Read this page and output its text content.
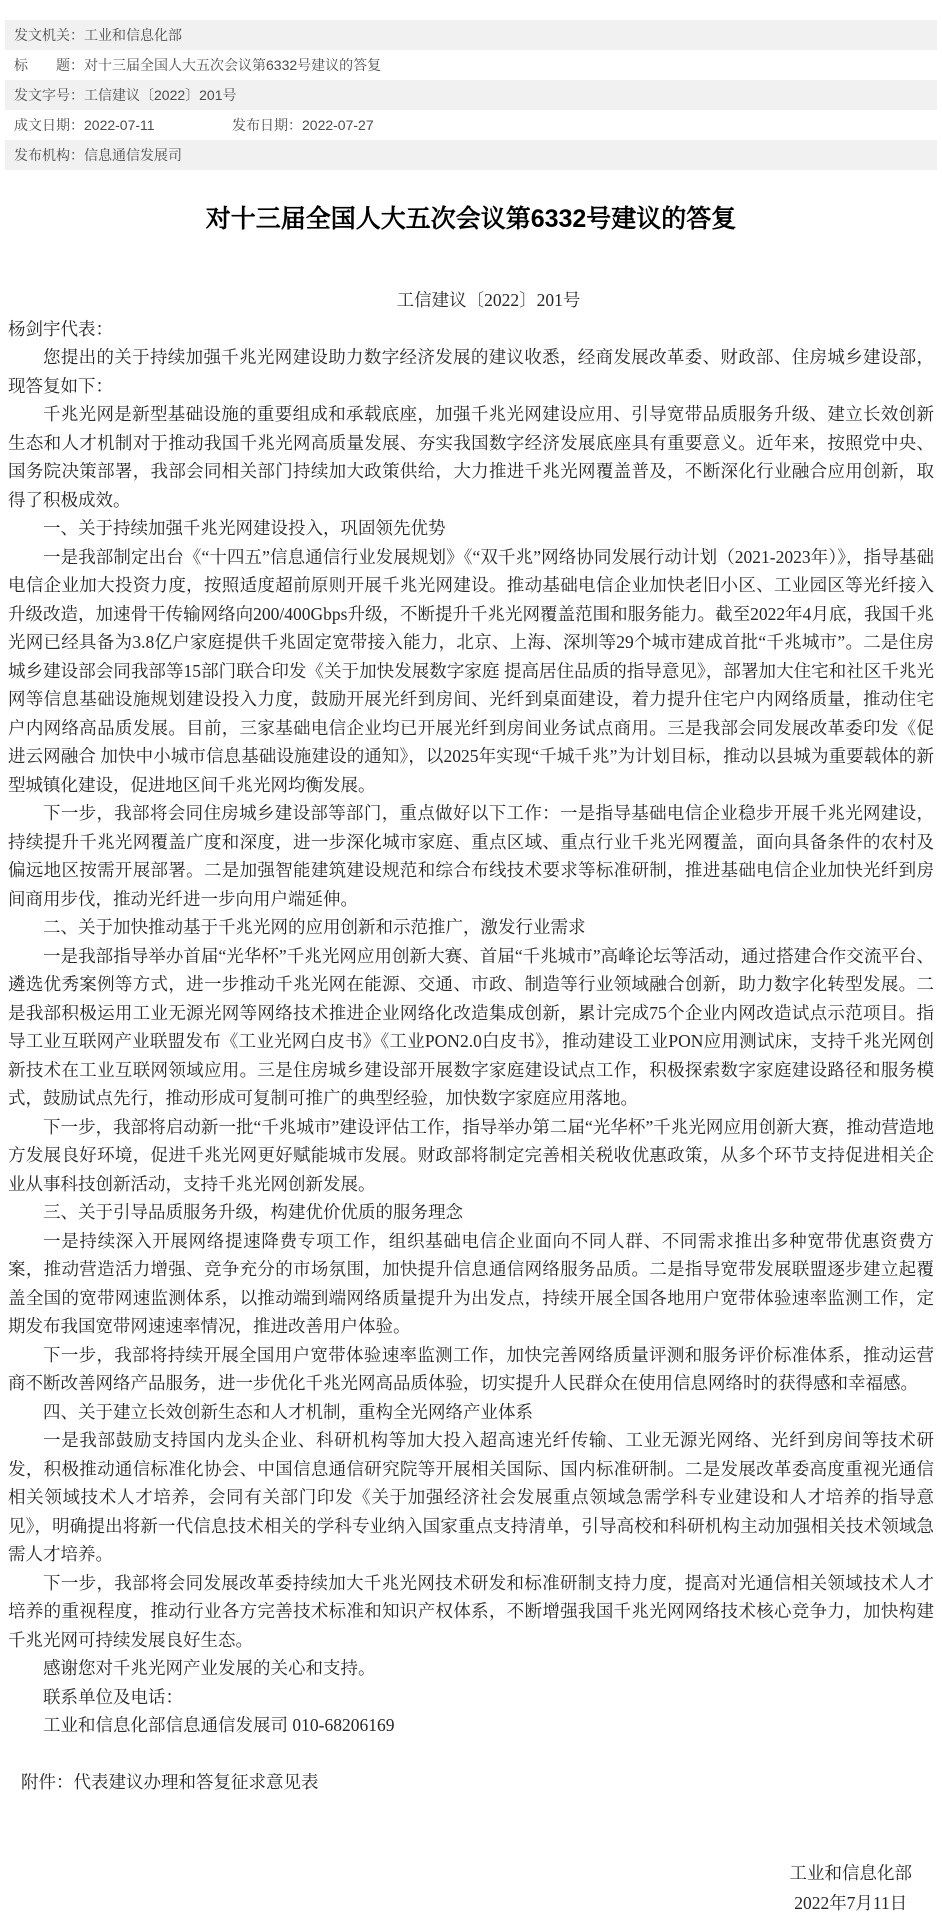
发文机关：工业和信息化部
标　　题：对十三届全国人大五次会议第6332号建议的答复
发文字号：工信建议〔2022〕201号
成文日期：2022-07-11	发布日期：2022-07-27
发布机构：信息通信发展司
对十三届全国人大五次会议第6332号建议的答复

工信建议〔2022〕201号

杨剑宇代表：

您提出的关于持续加强千兆光网建设助力数字经济发展的建议收悉，经商发展改革委、财政部、住房城乡建设部，现答复如下：

千兆光网是新型基础设施的重要组成和承载底座，加强千兆光网建设应用、引导宽带品质服务升级、建立长效创新生态和人才机制对于推动我国千兆光网高质量发展、夯实我国数字经济发展底座具有重要意义。近年来，按照党中央、国务院决策部署，我部会同相关部门持续加大政策供给，大力推进千兆光网覆盖普及，不断深化行业融合应用创新，取得了积极成效。

一、关于持续加强千兆光网建设投入，巩固领先优势

一是我部制定出台《“十四五”信息通信行业发展规划》《“双千兆”网络协同发展行动计划（2021-2023年）》，指导基础电信企业加大投资力度，按照适度超前原则开展千兆光网建设。推动基础电信企业加快老旧小区、工业园区等光纤接入升级改造，加速骨干传输网络向200/400Gbps升级，不断提升千兆光网覆盖范围和服务能力。截至2022年4月底，我国千兆光网已经具备为3.8亿户家庭提供千兆固定宽带接入能力，北京、上海、深圳等29个城市建成首批“千兆城市”。二是住房城乡建设部会同我部等15部门联合印发《关于加快发展数字家庭 提高居住品质的指导意见》，部署加大住宅和社区千兆光网等信息基础设施规划建设投入力度，鼓励开展光纤到房间、光纤到桌面建设，着力提升住宅户内网络质量，推动住宅户内网络高品质发展。目前，三家基础电信企业均已开展光纤到房间业务试点商用。三是我部会同发展改革委印发《促进云网融合 加快中小城市信息基础设施建设的通知》，以2025年实现“千城千兆”为计划目标，推动以县城为重要载体的新型城镇化建设，促进地区间千兆光网均衡发展。

下一步，我部将会同住房城乡建设部等部门，重点做好以下工作：一是指导基础电信企业稳步开展千兆光网建设，持续提升千兆光网覆盖广度和深度，进一步深化城市家庭、重点区域、重点行业千兆光网覆盖，面向具备条件的农村及偏远地区按需开展部署。二是加强智能建筑建设规范和综合布线技术要求等标准研制，推进基础电信企业加快光纤到房间商用步伐，推动光纤进一步向用户端延伸。

二、关于加快推动基于千兆光网的应用创新和示范推广，激发行业需求

一是我部指导举办首届“光华杯”千兆光网应用创新大赛、首届“千兆城市”高峰论坛等活动，通过搭建合作交流平台、遴选优秀案例等方式，进一步推动千兆光网在能源、交通、市政、制造等行业领域融合创新，助力数字化转型发展。二是我部积极运用工业无源光网等网络技术推进企业网络化改造集成创新，累计完成75个企业内网改造试点示范项目。指导工业互联网产业联盟发布《工业光网白皮书》《工业PON2.0白皮书》，推动建设工业PON应用测试床，支持千兆光网创新技术在工业互联网领域应用。三是住房城乡建设部开展数字家庭建设试点工作，积极探索数字家庭建设路径和服务模式，鼓励试点先行，推动形成可复制可推广的典型经验，加快数字家庭应用落地。

下一步，我部将启动新一批“千兆城市”建设评估工作，指导举办第二届“光华杯”千兆光网应用创新大赛，推动营造地方发展良好环境，促进千兆光网更好赋能城市发展。财政部将制定完善相关税收优惠政策，从多个环节支持促进相关企业从事科技创新活动，支持千兆光网创新发展。

三、关于引导品质服务升级，构建优价优质的服务理念

一是持续深入开展网络提速降费专项工作，组织基础电信企业面向不同人群、不同需求推出多种宽带优惠资费方案，推动营造活力增强、竞争充分的市场氛围，加快提升信息通信网络服务品质。二是指导宽带发展联盟逐步建立起覆盖全国的宽带网速监测体系，以推动端到端网络质量提升为出发点，持续开展全国各地用户宽带体验速率监测工作，定期发布我国宽带网速速率情况，推进改善用户体验。

下一步，我部将持续开展全国用户宽带体验速率监测工作，加快完善网络质量评测和服务评价标准体系，推动运营商不断改善网络产品服务，进一步优化千兆光网高品质体验，切实提升人民群众在使用信息网络时的获得感和幸福感。

四、关于建立长效创新生态和人才机制，重构全光网络产业体系

一是我部鼓励支持国内龙头企业、科研机构等加大投入超高速光纤传输、工业无源光网络、光纤到房间等技术研发，积极推动通信标准化协会、中国信息通信研究院等开展相关国际、国内标准研制。二是发展改革委高度重视光通信相关领域技术人才培养，会同有关部门印发《关于加强经济社会发展重点领域急需学科专业建设和人才培养的指导意见》，明确提出将新一代信息技术相关的学科专业纳入国家重点支持清单，引导高校和科研机构主动加强相关技术领域急需人才培养。

下一步，我部将会同发展改革委持续加大千兆光网技术研发和标准研制支持力度，提高对光通信相关领域技术人才培养的重视程度，推动行业各方完善技术标准和知识产权体系，不断增强我国千兆光网网络技术核心竞争力，加快构建千兆光网可持续发展良好生态。

感谢您对千兆光网产业发展的关心和支持。

联系单位及电话：

工业和信息化部信息通信发展司 010-68206169

附件：代表建议办理和答复征求意见表

工业和信息化部
2022年7月11日
